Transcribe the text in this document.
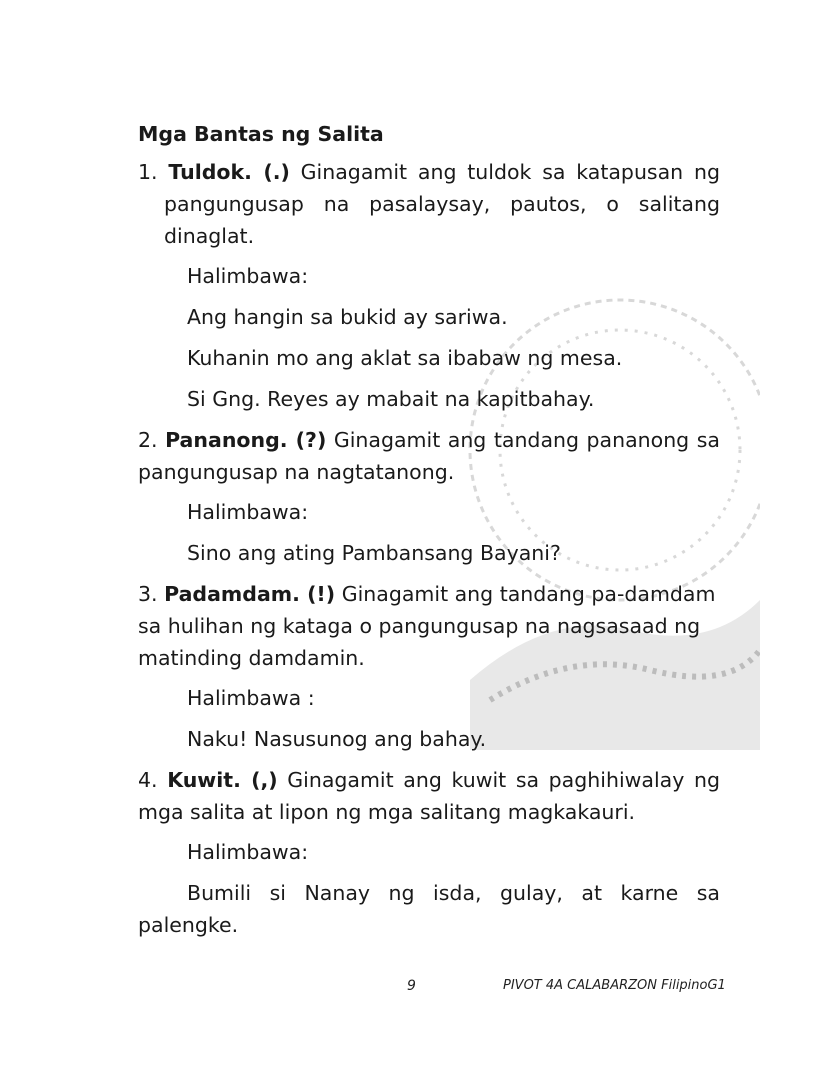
Mga Bantas ng Salita
1. Tuldok. (.) Ginagamit ang tuldok sa katapusan ng pangungusap na pasalaysay, pautos, o salitang dinaglat.
Halimbawa:
Ang hangin sa bukid ay sariwa.
Kuhanin mo ang aklat sa ibabaw ng mesa.
Si Gng. Reyes ay mabait na kapitbahay.
2. Pananong. (?) Ginagamit ang tandang pananong sa pangungusap na nagtatanong.
Halimbawa:
Sino ang ating Pambansang Bayani?
3. Padamdam. (!) Ginagamit ang tandang pa-damdam sa hulihan ng kataga o pangungusap na nagsasaad ng matinding damdamin.
Halimbawa :
Naku! Nasusunog ang bahay.
4. Kuwit. (,) Ginagamit ang kuwit sa paghihiwalay ng mga salita at lipon ng mga salitang magkakauri.
Halimbawa:
Bumili si Nanay ng isda, gulay, at karne sa palengke.
9	PIVOT 4A CALABARZON FilipinoG1
